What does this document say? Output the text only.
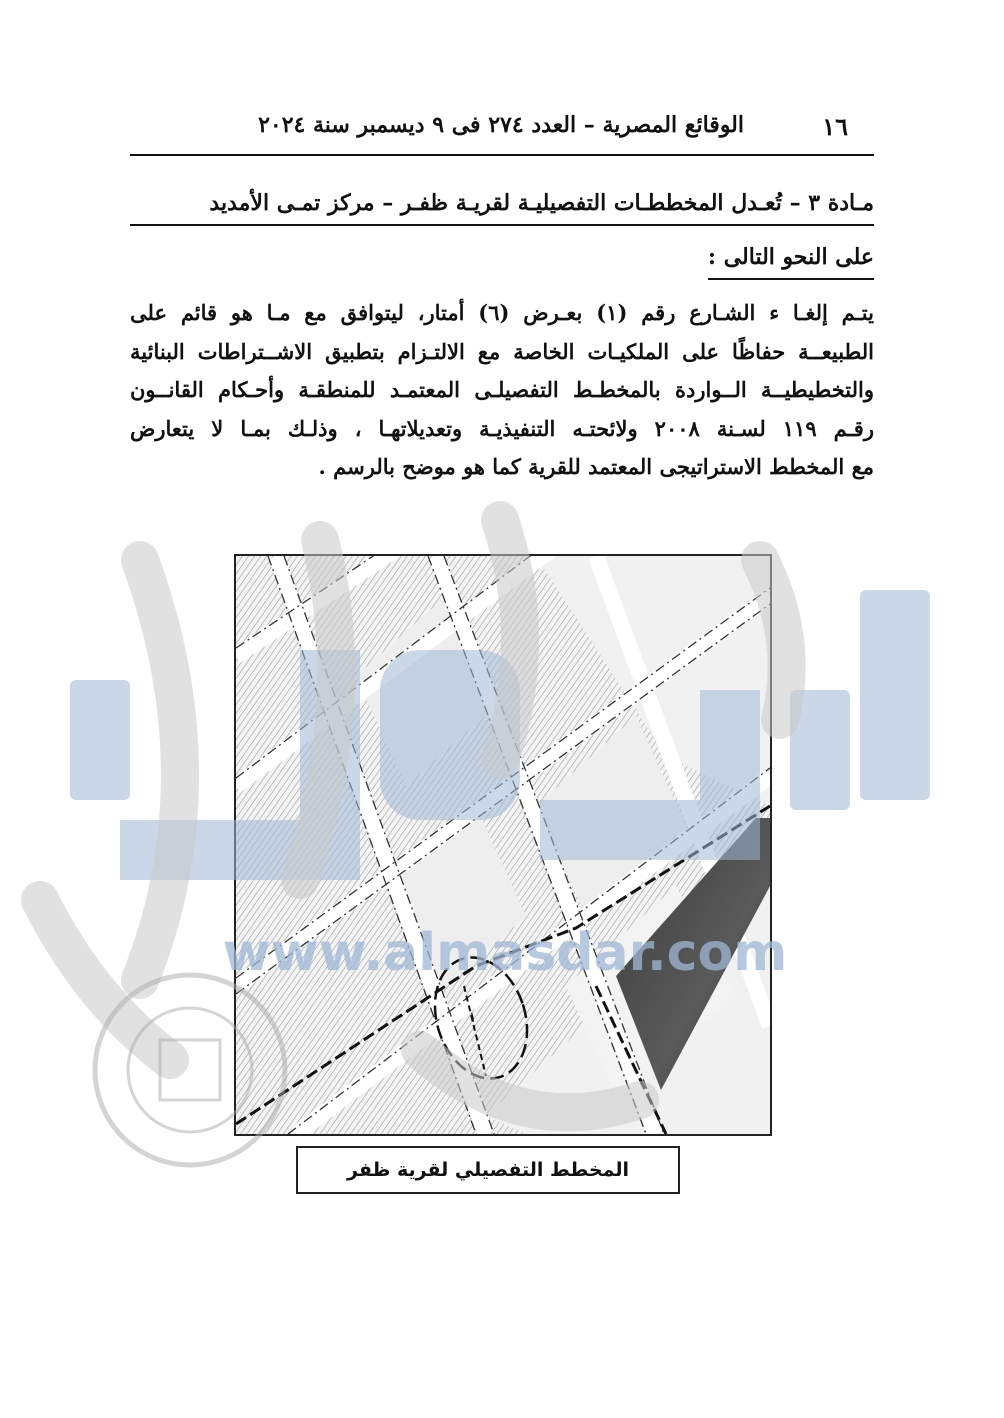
١٦
الوقائع المصرية – العدد ٢٧٤ فى ٩ ديسمبر سنة ٢٠٢٤
مـادة ٣ – تُعـدل المخططـات التفصيليـة لقريـة ظفـر – مركز تمـى الأمديد
على النحو التالى :
يتـم إلغـا ء الشـارع رقم (١) بعـرض (٦) أمتار، ليتوافق مع مـا هو قائم على
الطبيعــة حفاظًا على الملكيـات الخاصة مع الالتـزام بتطبيق الاشــتراطات البنائية
والتخطيطيــة الــواردة بالمخطـط التفصيلـى المعتمـد للمنطقـة وأحـكام القانــون
رقـم ١١٩ لسـنة ٢٠٠٨ ولائحتـه التنفيذيـة وتعديلاتهـا ، وذلـك بمـا لا يتعارض
مع المخطط الاستراتيجى المعتمد للقرية كما هو موضح بالرسم .
١
المخطط التفصيلي لقرية ظفر
www.almasdar.com
